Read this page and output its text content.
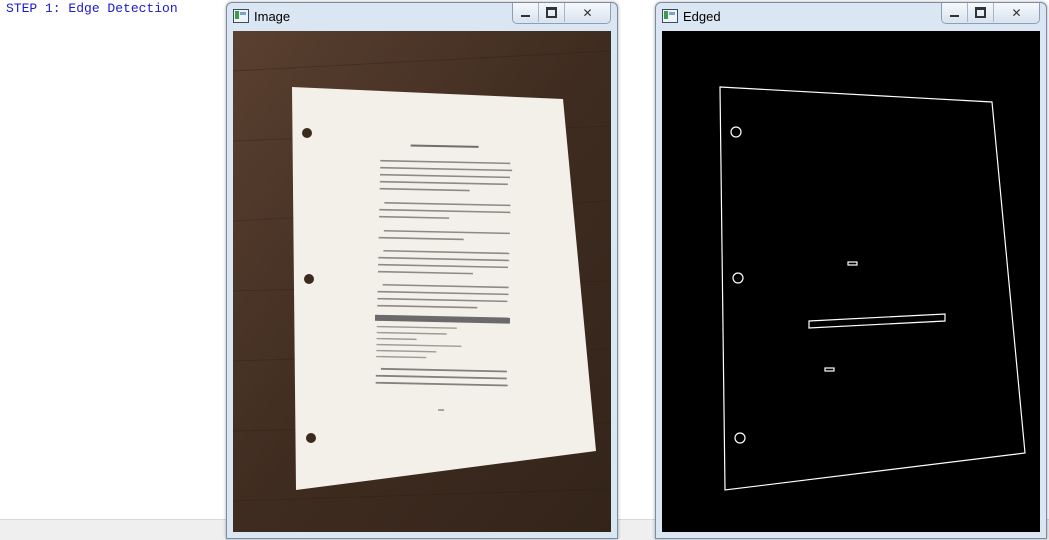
STEP 1: Edge Detection
Image	✕	Edged	✕
